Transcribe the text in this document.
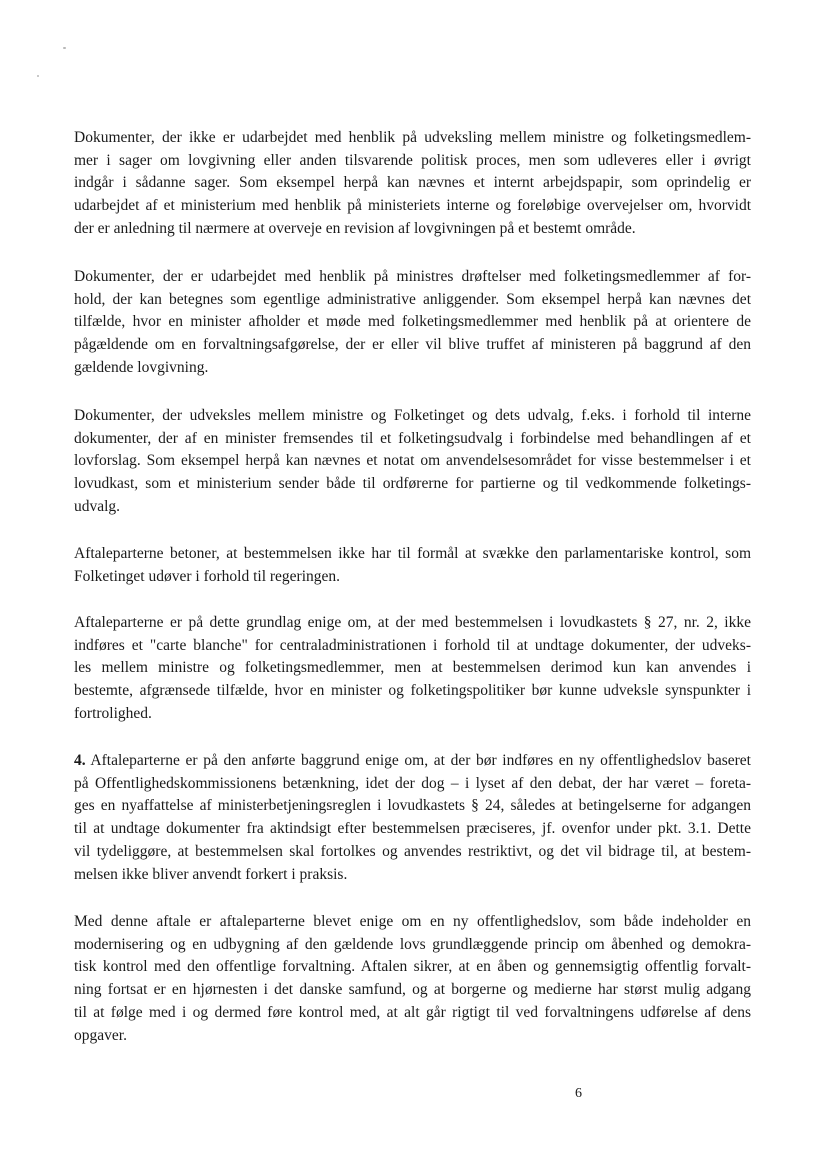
Dokumenter, der ikke er udarbejdet med henblik på udveksling mellem ministre og folketingsmedlem-
mer i sager om lovgivning eller anden tilsvarende politisk proces, men som udleveres eller i øvrigt
indgår i sådanne sager. Som eksempel herpå kan nævnes et internt arbejdspapir, som oprindelig er
udarbejdet af et ministerium med henblik på ministeriets interne og foreløbige overvejelser om, hvorvidt
der er anledning til nærmere at overveje en revision af lovgivningen på et bestemt område.

Dokumenter, der er udarbejdet med henblik på ministres drøftelser med folketingsmedlemmer af for-
hold, der kan betegnes som egentlige administrative anliggender. Som eksempel herpå kan nævnes det
tilfælde, hvor en minister afholder et møde med folketingsmedlemmer med henblik på at orientere de
pågældende om en forvaltningsafgørelse, der er eller vil blive truffet af ministeren på baggrund af den
gældende lovgivning.

Dokumenter, der udveksles mellem ministre og Folketinget og dets udvalg, f.eks. i forhold til interne
dokumenter, der af en minister fremsendes til et folketingsudvalg i forbindelse med behandlingen af et
lovforslag. Som eksempel herpå kan nævnes et notat om anvendelsesområdet for visse bestemmelser i et
lovudkast, som et ministerium sender både til ordførerne for partierne og til vedkommende folketings-
udvalg.

Aftaleparterne betoner, at bestemmelsen ikke har til formål at svække den parlamentariske kontrol, som
Folketinget udøver i forhold til regeringen.

Aftaleparterne er på dette grundlag enige om, at der med bestemmelsen i lovudkastets § 27, nr. 2, ikke
indføres et "carte blanche" for centraladministrationen i forhold til at undtage dokumenter, der udveks-
les mellem ministre og folketingsmedlemmer, men at bestemmelsen derimod kun kan anvendes i
bestemte, afgrænsede tilfælde, hvor en minister og folketingspolitiker bør kunne udveksle synspunkter i
fortrolighed.

4. Aftaleparterne er på den anførte baggrund enige om, at der bør indføres en ny offentlighedslov baseret
på Offentlighedskommissionens betænkning, idet der dog – i lyset af den debat, der har været – foreta-
ges en nyaffattelse af ministerbetjeningsreglen i lovudkastets § 24, således at betingelserne for adgangen
til at undtage dokumenter fra aktindsigt efter bestemmelsen præciseres, jf. ovenfor under pkt. 3.1. Dette
vil tydeliggøre, at bestemmelsen skal fortolkes og anvendes restriktivt, og det vil bidrage til, at bestem-
melsen ikke bliver anvendt forkert i praksis.

Med denne aftale er aftaleparterne blevet enige om en ny offentlighedslov, som både indeholder en
modernisering og en udbygning af den gældende lovs grundlæggende princip om åbenhed og demokra-
tisk kontrol med den offentlige forvaltning. Aftalen sikrer, at en åben og gennemsigtig offentlig forvalt-
ning fortsat er en hjørnesten i det danske samfund, og at borgerne og medierne har størst mulig adgang
til at følge med i og dermed føre kontrol med, at alt går rigtigt til ved forvaltningens udførelse af dens
opgaver.

6
